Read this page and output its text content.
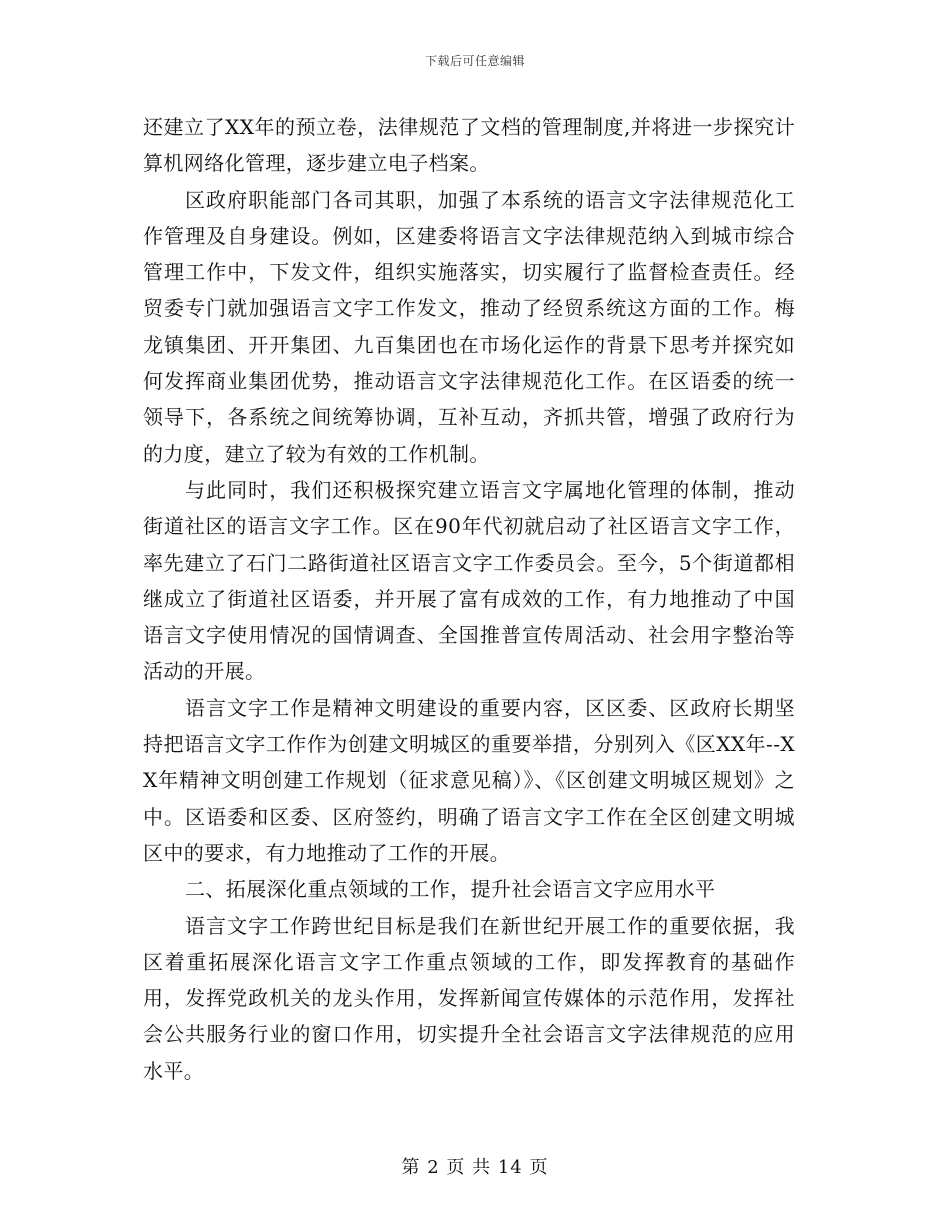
下载后可任意编辑

还建立了XX年的预立卷，法律规范了文档的管理制度,并将进一步探究计算机网络化管理，逐步建立电子档案。

区政府职能部门各司其职，加强了本系统的语言文字法律规范化工作管理及自身建设。例如，区建委将语言文字法律规范纳入到城市综合管理工作中，下发文件，组织实施落实，切实履行了监督检查责任。经贸委专门就加强语言文字工作发文，推动了经贸系统这方面的工作。梅龙镇集团、开开集团、九百集团也在市场化运作的背景下思考并探究如何发挥商业集团优势，推动语言文字法律规范化工作。在区语委的统一领导下，各系统之间统筹协调，互补互动，齐抓共管，增强了政府行为的力度，建立了较为有效的工作机制。

与此同时，我们还积极探究建立语言文字属地化管理的体制，推动街道社区的语言文字工作。区在90年代初就启动了社区语言文字工作，率先建立了石门二路街道社区语言文字工作委员会。至今，5个街道都相继成立了街道社区语委，并开展了富有成效的工作，有力地推动了中国语言文字使用情况的国情调查、全国推普宣传周活动、社会用字整治等活动的开展。

语言文字工作是精神文明建设的重要内容，区区委、区政府长期坚持把语言文字工作作为创建文明城区的重要举措，分别列入《区XX年--XX年精神文明创建工作规划（征求意见稿）》、《区创建文明城区规划》之中。区语委和区委、区府签约，明确了语言文字工作在全区创建文明城区中的要求，有力地推动了工作的开展。

二、拓展深化重点领域的工作，提升社会语言文字应用水平

语言文字工作跨世纪目标是我们在新世纪开展工作的重要依据，我区着重拓展深化语言文字工作重点领域的工作，即发挥教育的基础作用，发挥党政机关的龙头作用，发挥新闻宣传媒体的示范作用，发挥社会公共服务行业的窗口作用，切实提升全社会语言文字法律规范的应用水平。

第 2 页 共 14 页
